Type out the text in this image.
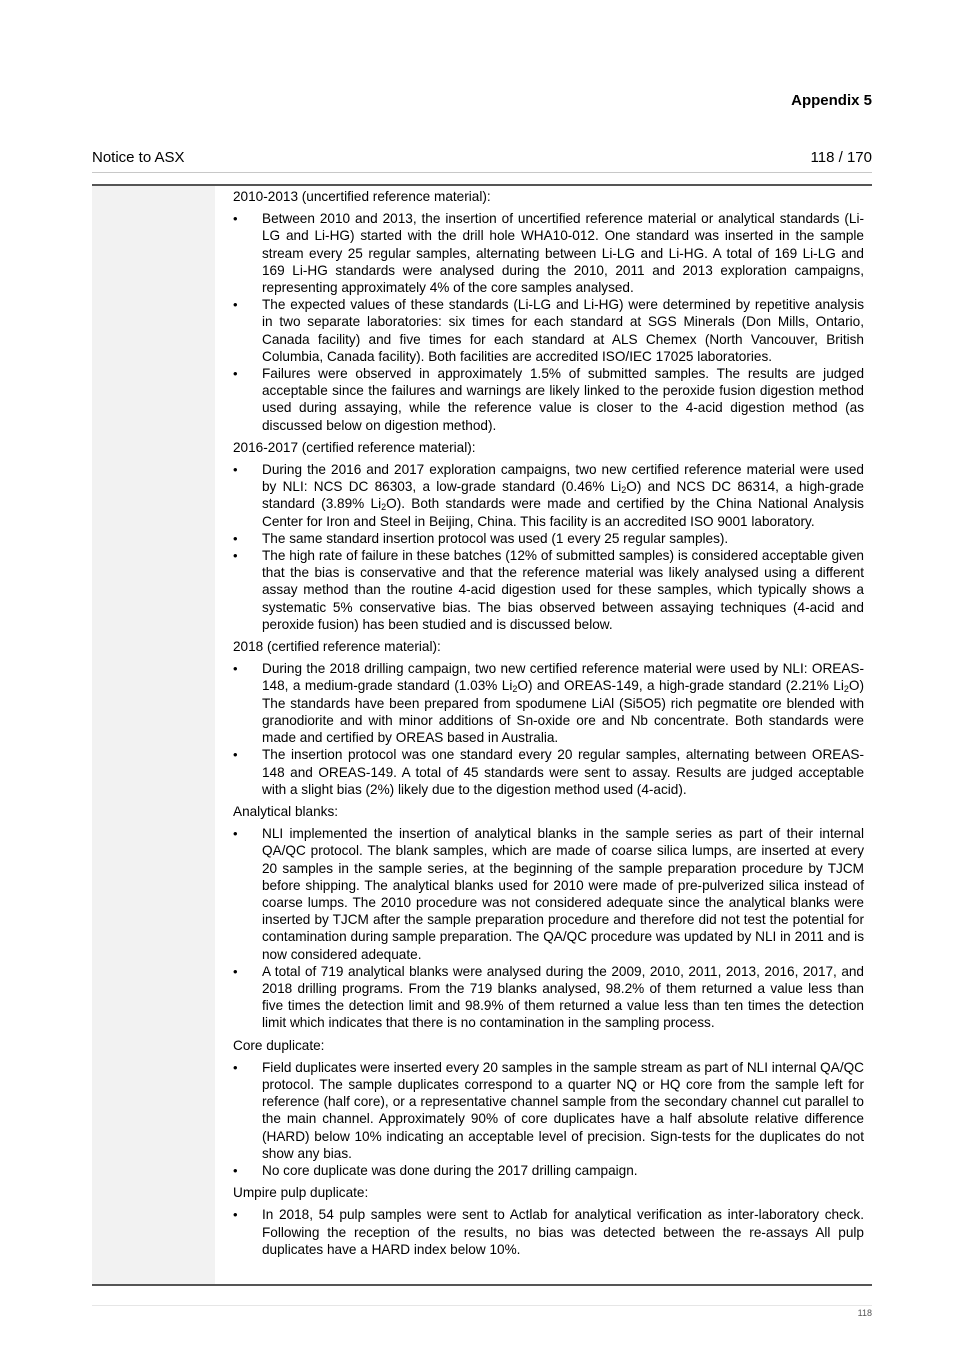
Appendix 5
Notice to ASX	118 / 170
2010-2013 (uncertified reference material):
• Between 2010 and 2013, the insertion of uncertified reference material or analytical standards (Li-LG and Li-HG) started with the drill hole WHA10-012. One standard was inserted in the sample stream every 25 regular samples, alternating between Li-LG and Li-HG. A total of 169 Li-LG and 169 Li-HG standards were analysed during the 2010, 2011 and 2013 exploration campaigns, representing approximately 4% of the core samples analysed.
• The expected values of these standards (Li-LG and Li-HG) were determined by repetitive analysis in two separate laboratories: six times for each standard at SGS Minerals (Don Mills, Ontario, Canada facility) and five times for each standard at ALS Chemex (North Vancouver, British Columbia, Canada facility). Both facilities are accredited ISO/IEC 17025 laboratories.
• Failures were observed in approximately 1.5% of submitted samples. The results are judged acceptable since the failures and warnings are likely linked to the peroxide fusion digestion method used during assaying, while the reference value is closer to the 4-acid digestion method (as discussed below on digestion method).
2016-2017 (certified reference material):
• During the 2016 and 2017 exploration campaigns, two new certified reference material were used by NLI: NCS DC 86303, a low-grade standard (0.46% $Li_2O$) and NCS DC 86314, a high-grade standard (3.89% $Li_2O$). Both standards were made and certified by the China National Analysis Center for Iron and Steel in Beijing, China. This facility is an accredited ISO 9001 laboratory.
• The same standard insertion protocol was used (1 every 25 regular samples).
• The high rate of failure in these batches (12% of submitted samples) is considered acceptable given that the bias is conservative and that the reference material was likely analysed using a different assay method than the routine 4-acid digestion used for these samples, which typically shows a systematic 5% conservative bias. The bias observed between assaying techniques (4-acid and peroxide fusion) has been studied and is discussed below.
2018 (certified reference material):
• During the 2018 drilling campaign, two new certified reference material were used by NLI: OREAS-148, a medium-grade standard (1.03% $Li_2O$) and OREAS-149, a high-grade standard (2.21% $Li_2O$) The standards have been prepared from spodumene LiAl (Si5O5) rich pegmatite ore blended with granodiorite and with minor additions of Sn-oxide ore and Nb concentrate. Both standards were made and certified by OREAS based in Australia.
• The insertion protocol was one standard every 20 regular samples, alternating between OREAS-148 and OREAS-149. A total of 45 standards were sent to assay. Results are judged acceptable with a slight bias (2%) likely due to the digestion method used (4-acid).
Analytical blanks:
• NLI implemented the insertion of analytical blanks in the sample series as part of their internal QA/QC protocol. The blank samples, which are made of coarse silica lumps, are inserted at every 20 samples in the sample series, at the beginning of the sample preparation procedure by TJCM before shipping. The analytical blanks used for 2010 were made of pre-pulverized silica instead of coarse lumps. The 2010 procedure was not considered adequate since the analytical blanks were inserted by TJCM after the sample preparation procedure and therefore did not test the potential for contamination during sample preparation. The QA/QC procedure was updated by NLI in 2011 and is now considered adequate.
• A total of 719 analytical blanks were analysed during the 2009, 2010, 2011, 2013, 2016, 2017, and 2018 drilling programs. From the 719 blanks analysed, 98.2% of them returned a value less than five times the detection limit and 98.9% of them returned a value less than ten times the detection limit which indicates that there is no contamination in the sampling process.
Core duplicate:
• Field duplicates were inserted every 20 samples in the sample stream as part of NLI internal QA/QC protocol. The sample duplicates correspond to a quarter NQ or HQ core from the sample left for reference (half core), or a representative channel sample from the secondary channel cut parallel to the main channel. Approximately 90% of core duplicates have a half absolute relative difference (HARD) below 10% indicating an acceptable level of precision. Sign-tests for the duplicates do not show any bias.
• No core duplicate was done during the 2017 drilling campaign.
Umpire pulp duplicate:
• In 2018, 54 pulp samples were sent to Actlab for analytical verification as inter-laboratory check. Following the reception of the results, no bias was detected between the re-assays All pulp duplicates have a HARD index below 10%.
118
